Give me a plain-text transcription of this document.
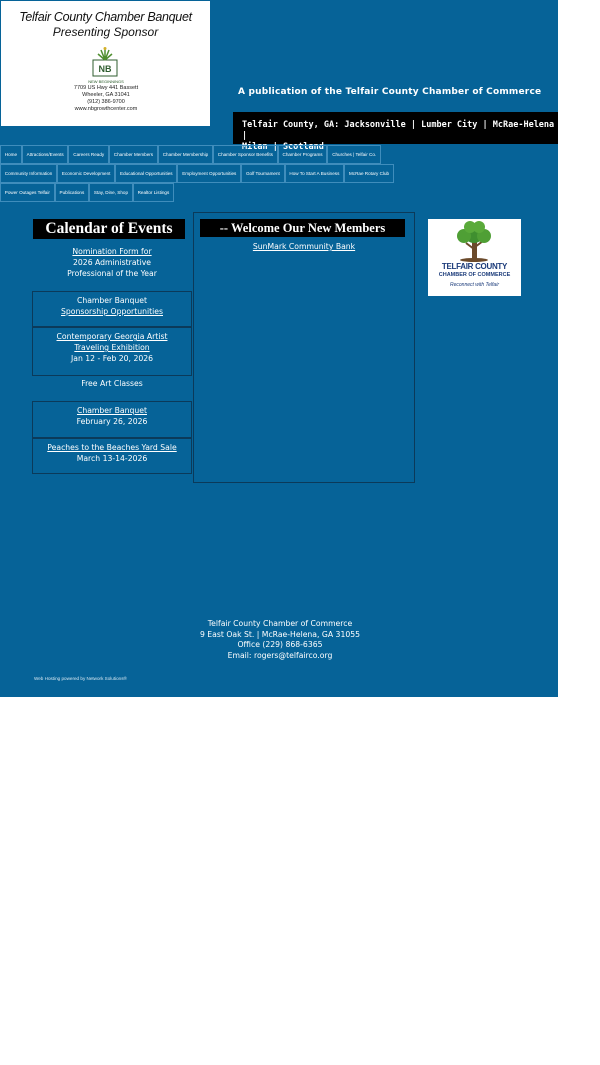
Telfair County Chamber Banquet
Presenting Sponsor
NB
NEW BEGINNINGS
7709 US Hwy 441 Bassett
Wheeler, GA 31041
(912) 386-9700
www.nbgrowthcenter.com
A publication of the Telfair County Chamber of Commerce
Telfair County, GA: Jacksonville | Lumber City | McRae-Helena |
Milan | Scotland
Home	Attractions/Events	Careers Ready	Chamber Members	Chamber Membership	Chamber Sponsor Benefits	Chamber Programs	Churches | Telfair Co.
Community Information	Economic Development	Educational Opportunities	Employment Opportunities	Golf Tournament	How To Start A Business	McRae Rotary Club
Power Outages Telfair	Publications	Stay, Dine, Shop	Realtor Listings
Calendar of Events
Nomination Form for
2026 Administrative
Professional of the Year
Chamber Banquet
Sponsorship Opportunities
Contemporary Georgia Artist
Traveling Exhibition
Jan 12 - Feb 20, 2026
Free Art Classes
Chamber Banquet
February 26, 2026
Peaches to the Beaches Yard Sale
March 13-14-2026
-- Welcome Our New Members
SunMark Community Bank
TELFAIR COUNTY
CHAMBER OF COMMERCE
Reconnect with Telfair
Telfair County Chamber of Commerce
9 East Oak St. | McRae-Helena, GA 31055
Office (229) 868-6365
Email: rogers@telfairco.org
Web Hosting powered by Network Solutions®
